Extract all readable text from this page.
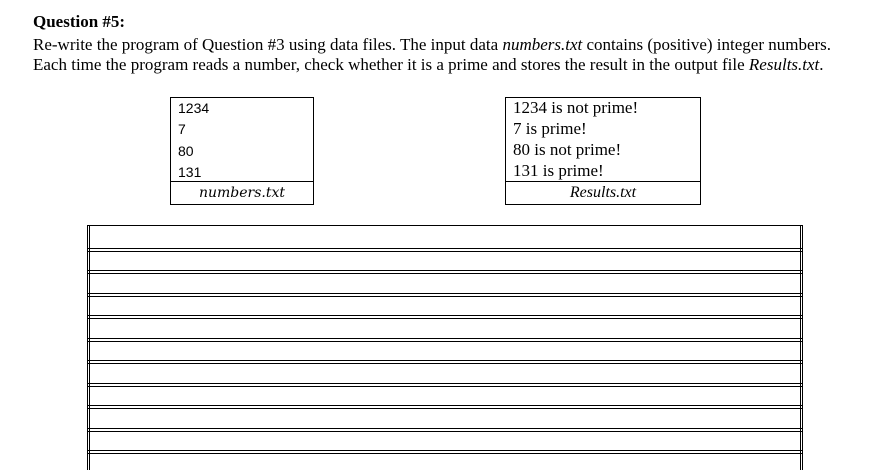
Question #5:
Re-write the program of Question #3 using data files. The input data numbers.txt contains (positive) integer numbers. Each time the program reads a number, check whether it is a prime and stores the result in the output file Results.txt.
1234
7
80
131
numbers.txt
1234 is not prime!
7 is prime!
80 is not prime!
131 is prime!
Results.txt
